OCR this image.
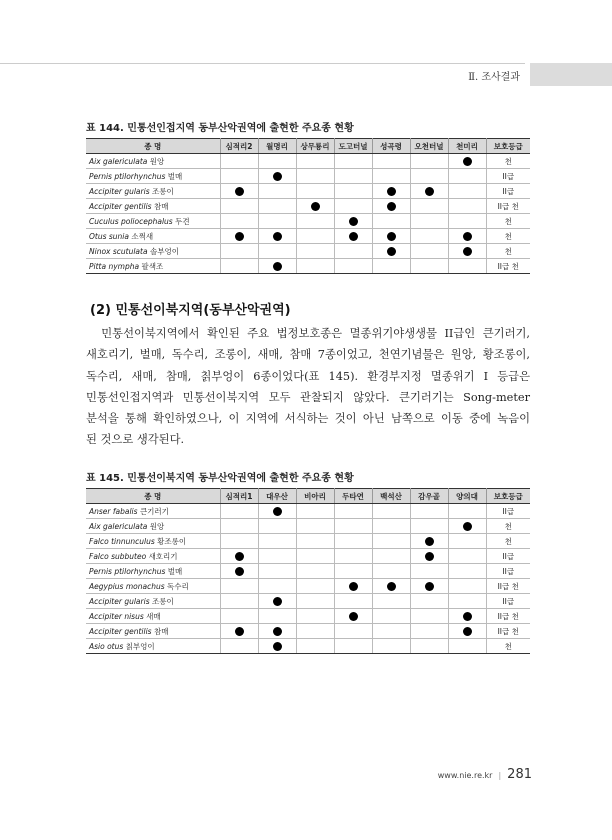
Ⅱ. 조사결과
표 144. 민통선인접지역 동부산악권역에 출현한 주요종 현황
종 명	심적리2	월명리	상무룡리	도고터널	성곡령	오천터널	천미리	보호등급
Aix galericulata 원앙								천
Pernis ptilorhynchus 벌매								II급
Accipiter gularis 조롱이								II급
Accipiter gentilis 참매								II급 천
Cuculus poliocephalus 두견								천
Otus sunia 소쩍새								천
Ninox scutulata 솔부엉이								천
Pitta nympha 팔색조								II급 천
(2) 민통선이북지역(동부산악권역)
　민통선이북지역에서 확인된 주요 법정보호종은 멸종위기야생생물 II급인 큰기러기,
새호리기, 벌매, 독수리, 조롱이, 새매, 참매 7종이었고, 천연기념물은 원앙, 황조롱이,
독수리, 새매, 참매, 칡부엉이 6종이었다(표 145). 환경부지정 멸종위기 I 등급은
민통선인접지역과 민통선이북지역 모두 관찰되지 않았다. 큰기러기는 Song-meter
분석을 통해 확인하였으나, 이 지역에 서식하는 것이 아닌 남쪽으로 이동 중에 녹음이
된 것으로 생각된다.
표 145. 민통선이북지역 동부산악권역에 출현한 주요종 현황
종 명	심적리1	대우산	비아리	두타연	백석산	감우골	양의대	보호등급
Anser fabalis 큰기러기								II급
Aix galericulata 원앙								천
Falco tinnunculus 황조롱이								천
Falco subbuteo 새호리기								II급
Pernis ptilorhynchus 벌매								II급
Aegypius monachus 독수리								II급 천
Accipiter gularis 조롱이								II급
Accipiter nisus 새매								II급 천
Accipiter gentilis 참매								II급 천
Asio otus 칡부엉이								천
www.nie.re.kr | 281
